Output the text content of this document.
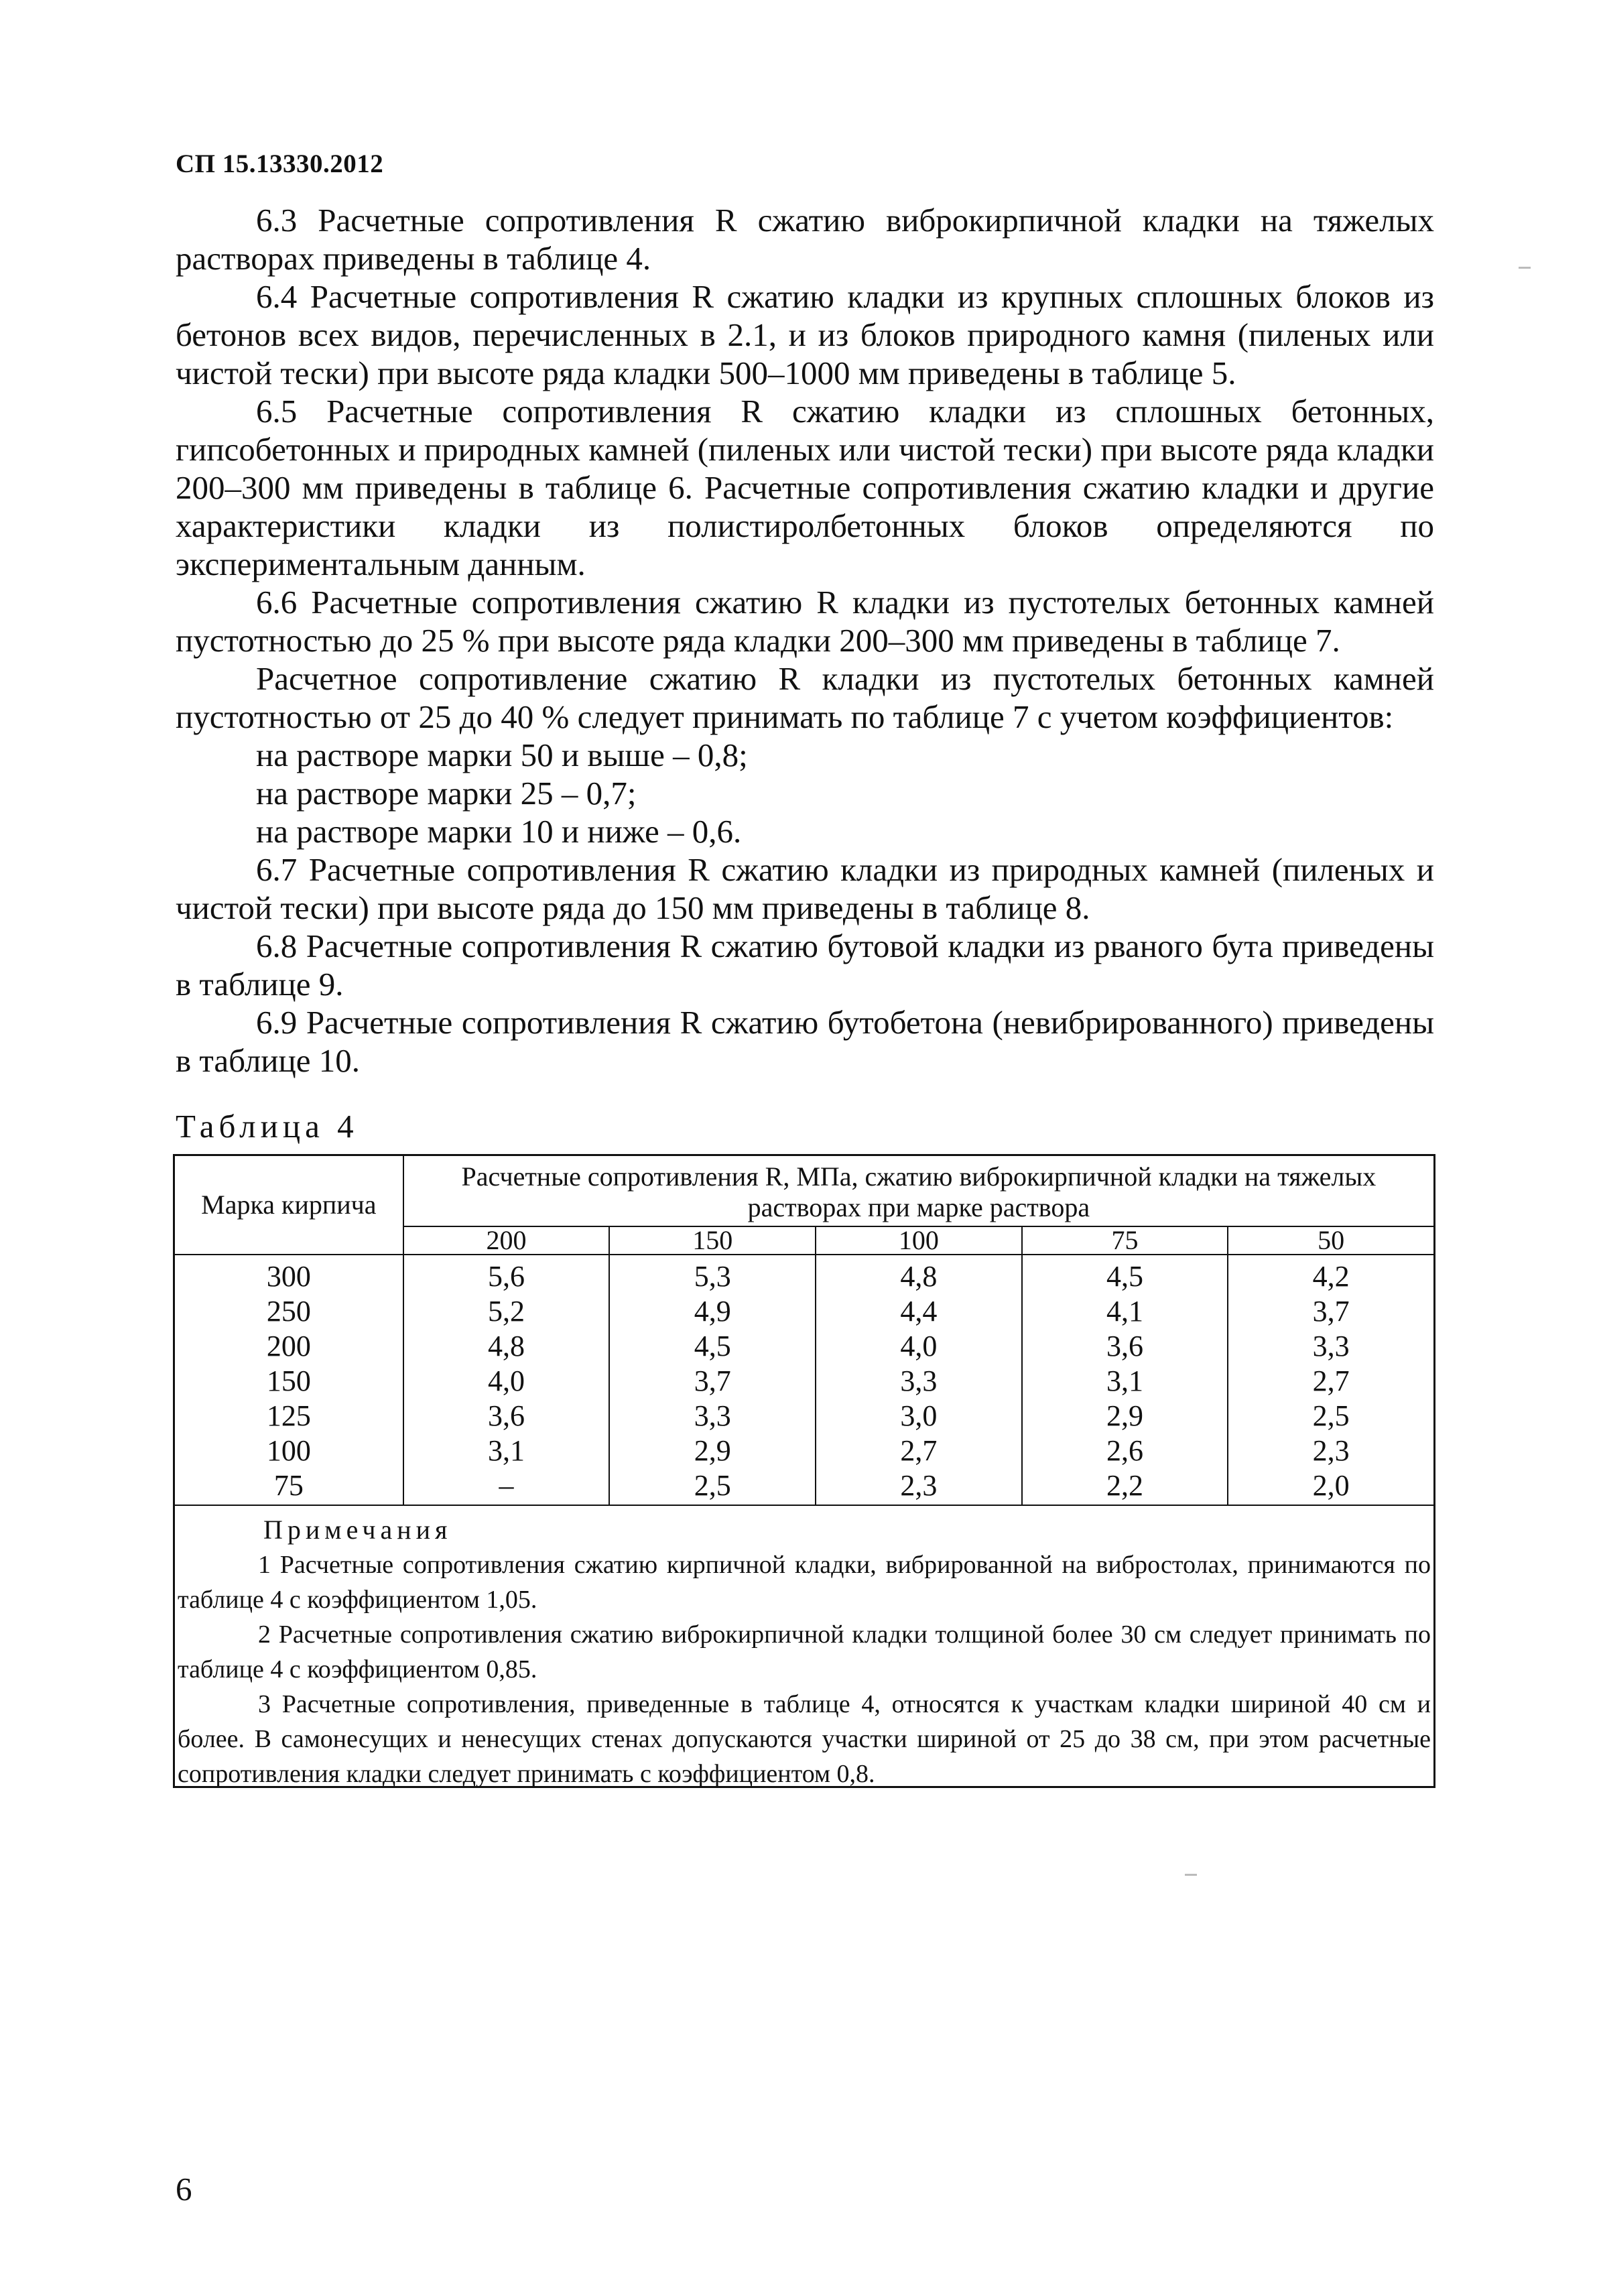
СП 15.13330.2012

6.3 Расчетные сопротивления R сжатию виброкирпичной кладки на тяжелых растворах приведены в таблице 4.

6.4 Расчетные сопротивления R сжатию кладки из крупных сплошных блоков из бетонов всех видов, перечисленных в 2.1, и из блоков природного камня (пиленых или чистой тески) при высоте ряда кладки 500–1000 мм приведены в таблице 5.

6.5 Расчетные сопротивления R сжатию кладки из сплошных бетонных, гипсобетонных и природных камней (пиленых или чистой тески) при высоте ряда кладки 200–300 мм приведены в таблице 6. Расчетные сопротивления сжатию кладки и другие характеристики кладки из полистиролбетонных блоков определяются по экспериментальным данным.

6.6 Расчетные сопротивления сжатию R кладки из пустотелых бетонных камней пустотностью до 25 % при высоте ряда кладки 200–300 мм приведены в таблице 7.

Расчетное сопротивление сжатию R кладки из пустотелых бетонных камней пустотностью от 25 до 40 % следует принимать по таблице 7 с учетом коэффициентов:

на растворе марки 50 и выше – 0,8;

на растворе марки 25 – 0,7;

на растворе марки 10 и ниже – 0,6.

6.7 Расчетные сопротивления R сжатию кладки из природных камней (пиленых и чистой тески) при высоте ряда до 150 мм приведены в таблице 8.

6.8 Расчетные сопротивления R сжатию бутовой кладки из рваного бута приведены в таблице 9.

6.9 Расчетные сопротивления R сжатию бутобетона (невибрированного) приведены в таблице 10.

Таблица 4
Марка кирпича	Расчетные сопротивления R, МПа, сжатию виброкирпичной кладки на тяжелых растворах при марке раствора				
	200	150	100	75	50
300	5,6	5,3	4,8	4,5	4,2
250	5,2	4,9	4,4	4,1	3,7
200	4,8	4,5	4,0	3,6	3,3
150	4,0	3,7	3,3	3,1	2,7
125	3,6	3,3	3,0	2,9	2,5
100	3,1	2,9	2,7	2,6	2,3
75	–	2,5	2,3	2,2	2,0
Примечания

1 Расчетные сопротивления сжатию кирпичной кладки, вибрированной на вибростолах, принимаются по таблице 4 с коэффициентом 1,05.

2 Расчетные сопротивления сжатию виброкирпичной кладки толщиной более 30 см следует принимать по таблице 4 с коэффициентом 0,85.

3 Расчетные сопротивления, приведенные в таблице 4, относятся к участкам кладки шириной 40 см и более. В самонесущих и ненесущих стенах допускаются участки шириной от 25 до 38 см, при этом расчетные сопротивления кладки следует принимать с коэффициентом 0,8.

6
